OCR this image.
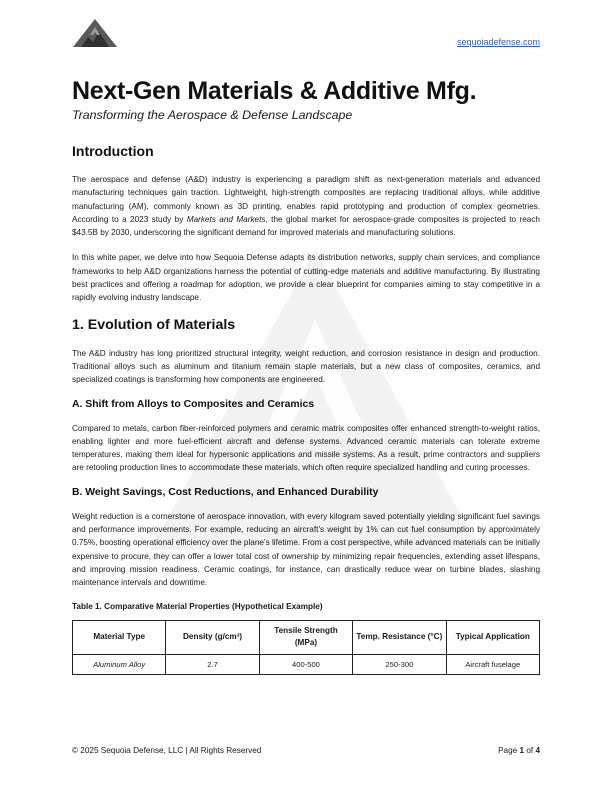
sequoiadefense.com
Next-Gen Materials & Additive Mfg.

Transforming the Aerospace & Defense Landscape

Introduction

The aerospace and defense (A&D) industry is experiencing a paradigm shift as next-generation materials and advanced manufacturing techniques gain traction. Lightweight, high-strength composites are replacing traditional alloys, while additive manufacturing (AM), commonly known as 3D printing, enables rapid prototyping and production of complex geometries. According to a 2023 study by Markets and Markets, the global market for aerospace-grade composites is projected to reach $43.5B by 2030, underscoring the significant demand for improved materials and manufacturing solutions.

In this white paper, we delve into how Sequoia Defense adapts its distribution networks, supply chain services, and compliance frameworks to help A&D organizations harness the potential of cutting-edge materials and additive manufacturing. By illustrating best practices and offering a roadmap for adoption, we provide a clear blueprint for companies aiming to stay competitive in a rapidly evolving industry landscape.

1. Evolution of Materials

The A&D industry has long prioritized structural integrity, weight reduction, and corrosion resistance in design and production. Traditional alloys such as aluminum and titanium remain staple materials, but a new class of composites, ceramics, and specialized coatings is transforming how components are engineered.

A. Shift from Alloys to Composites and Ceramics

Compared to metals, carbon fiber-reinforced polymers and ceramic matrix composites offer enhanced strength-to-weight ratios, enabling lighter and more fuel-efficient aircraft and defense systems. Advanced ceramic materials can tolerate extreme temperatures, making them ideal for hypersonic applications and missile systems. As a result, prime contractors and suppliers are retooling production lines to accommodate these materials, which often require specialized handling and curing processes.

B. Weight Savings, Cost Reductions, and Enhanced Durability

Weight reduction is a cornerstone of aerospace innovation, with every kilogram saved potentially yielding significant fuel savings and performance improvements. For example, reducing an aircraft’s weight by 1% can cut fuel consumption by approximately 0.75%, boosting operational efficiency over the plane’s lifetime. From a cost perspective, while advanced materials can be initially expensive to procure, they can offer a lower total cost of ownership by minimizing repair frequencies, extending asset lifespans, and improving mission readiness. Ceramic coatings, for instance, can drastically reduce wear on turbine blades, slashing maintenance intervals and downtime.

Table 1. Comparative Material Properties (Hypothetical Example)
Material Type	Density (g/cm³)	Tensile Strength (MPa)	Temp. Resistance (°C)	Typical Application
Aluminum Alloy	2.7	400-500	250-300	Aircraft fuselage
© 2025 Sequoia Defense, LLC | All Rights Reserved	Page 1 of 4
